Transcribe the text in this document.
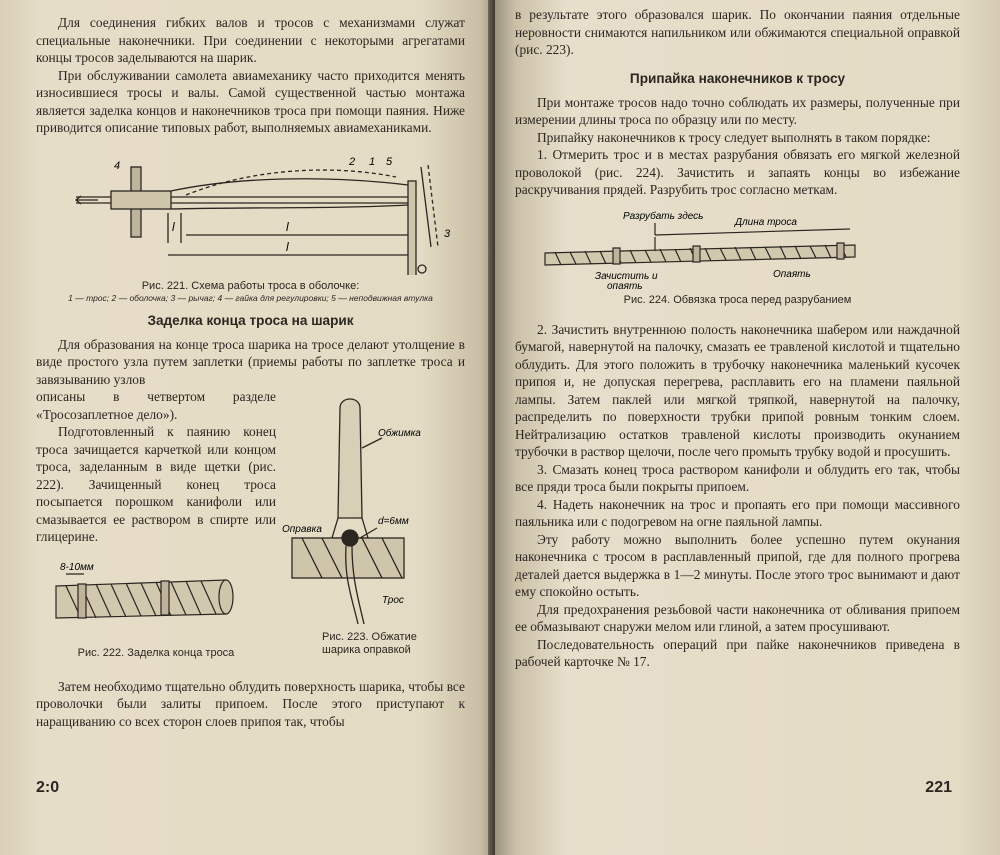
Для соединения гибких валов и тросов с механизмами служат специальные наконечники. При соединении с некоторыми агрегатами концы тросов заделываются на шарик.

При обслуживании самолета авиамеханику часто приходится менять износившиеся тросы и валы. Самой существенной частью монтажа является заделка концов и наконечников троса при помощи паяния. Ниже приводится описание типовых работ, выполняемых авиамеханиками.

4	2 1 5
3
l	l
l
Рис. 221. Схема работы троса в оболочке:
1 — трос; 2 — оболочка; 3 — рычаг; 4 — гайка для регулировки; 5 — неподвижная втулка
Заделка конца троса на шарик

Для образования на конце троса шарика на тросе делают утолщение в виде простого узла путем заплетки (приемы работы по заплетке троса и завязыванию узлов

описаны в четвертом разделе «Тросозаплетное дело»).

Подготовленный к паянию конец троса зачищается карчеткой или концом троса, заделанным в виде щетки (рис. 222). Зачищенный конец троса посыпается порошком канифоли или смазывается ее раствором в спирте или глицерине.

8-10мм
Рис. 222. Заделка конца троса
Обжимка
Оправка
d=6мм
Трос
Рис. 223. Обжатие шарика оправкой

Затем необходимо тщательно облудить поверхность шарика, чтобы все проволочки были залиты припоем. После этого приступают к наращиванию со всех сторон слоев припоя так, чтобы

2:0

в результате этого образовался шарик. По окончании паяния отдельные неровности снимаются напильником или обжимаются специальной оправкой (рис. 223).

Припайка наконечников к тросу

При монтаже тросов надо точно соблюдать их размеры, полученные при измерении длины троса по образцу или по месту.

Припайку наконечников к тросу следует выполнять в таком порядке:

1. Отмерить трос и в местах разрубания обвязать его мягкой железной проволокой (рис. 224). Зачистить и запаять концы во избежание раскручивания прядей. Разрубить трос согласно меткам.

Разрубать здесь
Длина троса
Зачистить и
опаять
Опаять
Рис. 224. Обвязка троса перед разрубанием

2. Зачистить внутреннюю полость наконечника шабером или наждачной бумагой, навернутой на палочку, смазать ее травленой кислотой и тщательно облудить. Для этого положить в трубочку наконечника маленький кусочек припоя и, не допуская перегрева, расплавить его на пламени паяльной лампы. Затем паклей или мягкой тряпкой, навернутой на палочку, распределить по поверхности трубки припой ровным тонким слоем. Нейтрализацию остатков травленой кислоты производить окунанием трубочки в раствор щелочи, после чего промыть трубку водой и просушить.

3. Смазать конец троса раствором канифоли и облудить его так, чтобы все пряди троса были покрыты припоем.

4. Надеть наконечник на трос и пропаять его при помощи массивного паяльника или с подогревом на огне паяльной лампы.

Эту работу можно выполнить более успешно путем окунания наконечника с тросом в расплавленный припой, где для полного прогрева деталей дается выдержка в 1—2 минуты. После этого трос вынимают и дают ему спокойно остыть.

Для предохранения резьбовой части наконечника от обливания припоем ее обмазывают снаружи мелом или глиной, а затем просушивают.

Последовательность операций при пайке наконечников приведена в рабочей карточке № 17.

221
